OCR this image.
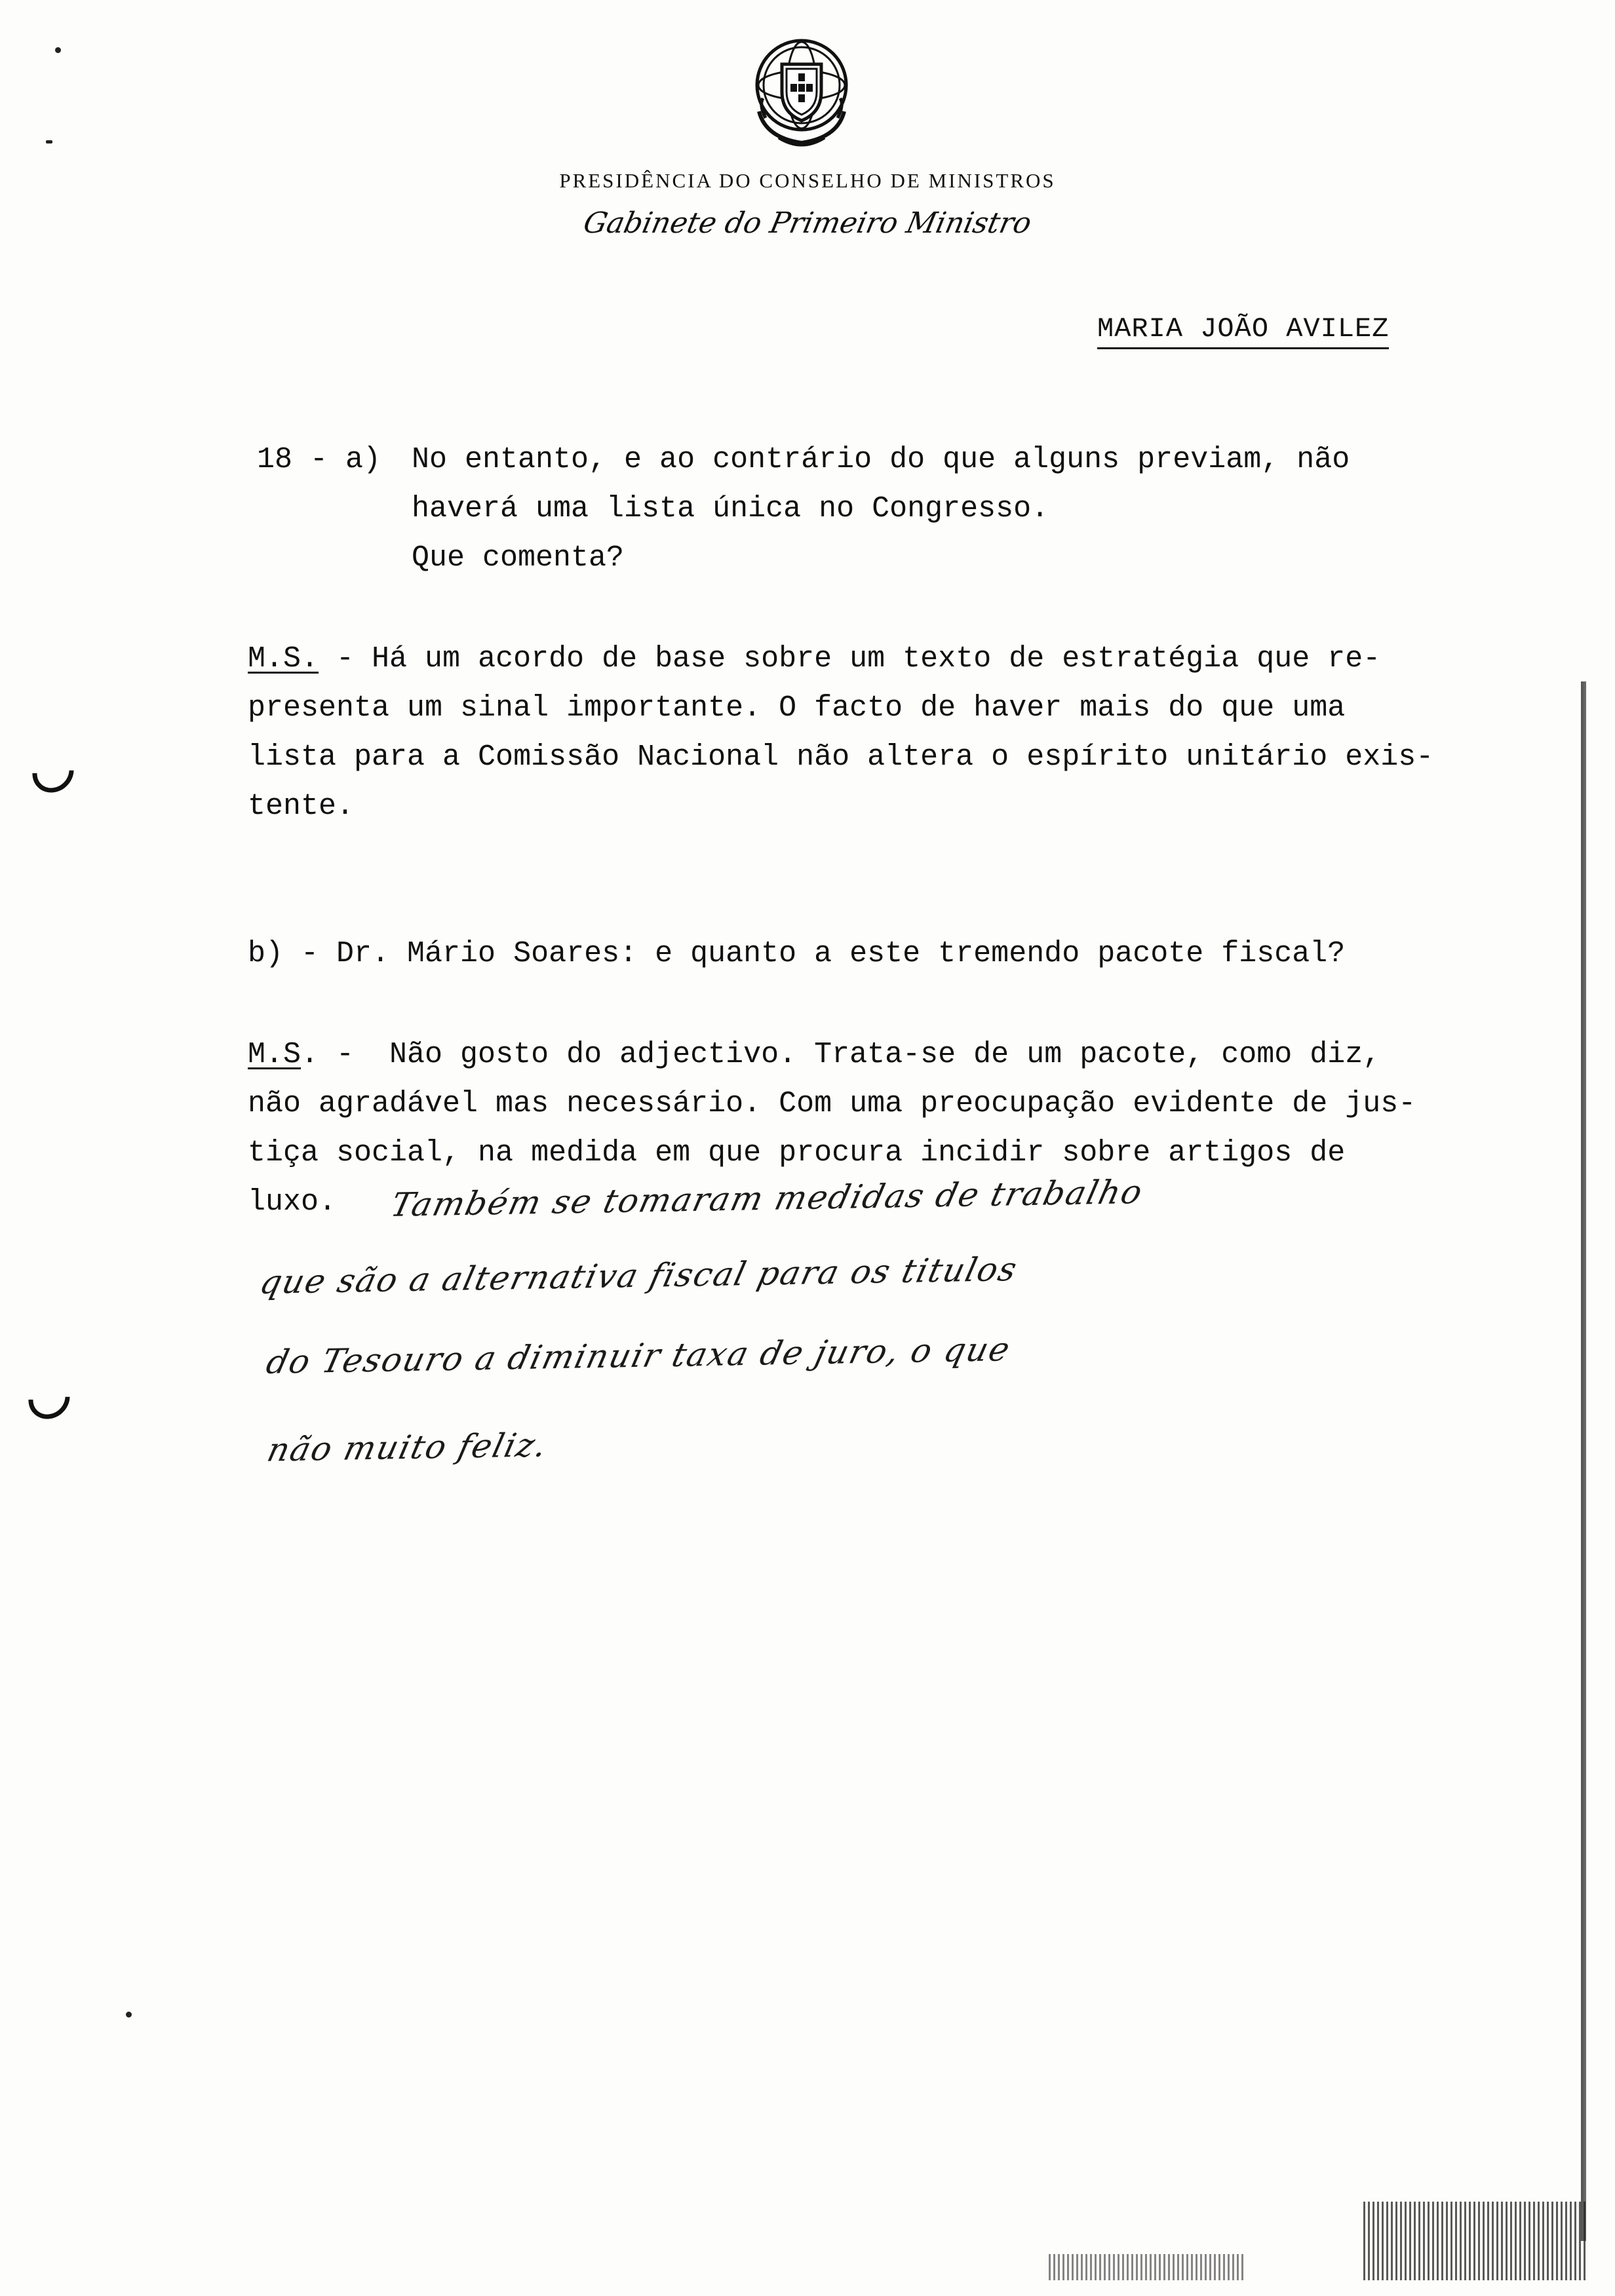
PRESIDÊNCIA DO CONSELHO DE MINISTROS
Gabinete do Primeiro Ministro
MARIA JOÃO AVILEZ
18 - a) No entanto, e ao contrário do que alguns previam, não
haverá uma lista única no Congresso.
Que comenta?
M.S. - Há um acordo de base sobre um texto de estratégia que re-
presenta um sinal importante. O facto de haver mais do que uma
lista para a Comissão Nacional não altera o espírito unitário exis-
tente.
b) - Dr. Mário Soares: e quanto a este tremendo pacote fiscal?
M.S. -  Não gosto do adjectivo. Trata-se de um pacote, como diz,
não agradável mas necessário. Com uma preocupação evidente de jus-
tiça social, na medida em que procura incidir sobre artigos de
luxo. Também se tomaram medidas de trabalho
que são a alternativa fiscal para os titulos
do Tesouro a diminuir taxa de juro, o que
não muito feliz.
